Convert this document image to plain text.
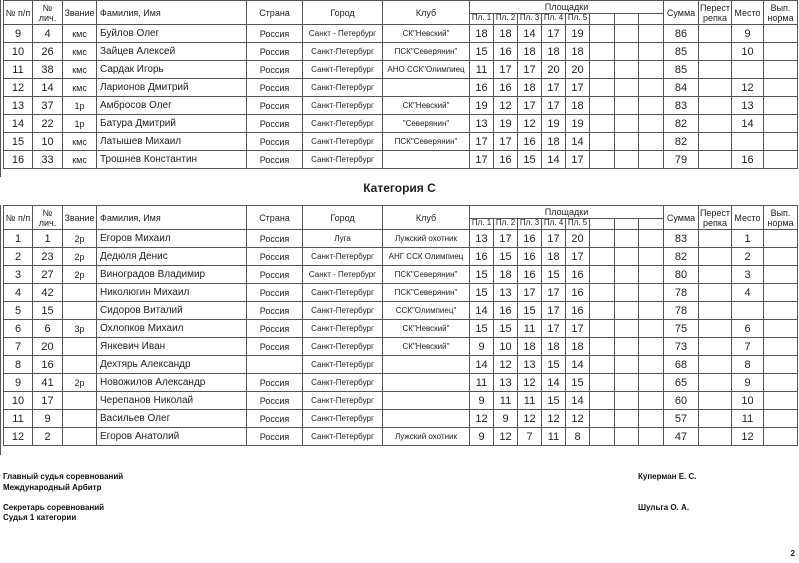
№ п/п	№ лич.	Звание	Фамилия, Имя	Страна	Город	Клуб	Площадки								Сумма	Перест репка	Место	Вып. норма
							Пл. 1	Пл. 2	Пл. 3	Пл. 4	Пл. 5							
9	4	кмс	Буйлов Олег	Россия	Санкт - Петербург	СК"Невский"	18	18	14	17	19				86		9	
10	26	кмс	Зайцев Алексей	Россия	Санкт-Петербург	ПСК"Северянин"	15	16	18	18	18				85		10	
11	38	кмс	Сардак Игорь	Россия	Санкт-Петербург	АНО ССК"Олимпиец	11	17	17	20	20				85			
12	14	кмс	Ларионов Дмитрий	Россия	Санкт-Петербург		16	16	18	17	17				84		12	
13	37	1р	Амбросов Олег	Россия	Санкт-Петербург	СК"Невский"	19	12	17	17	18				83		13	
14	22	1р	Батура Дмитрий	Россия	Санкт-Петербург	"Северянин"	13	19	12	19	19				82		14	
15	10	кмс	Латышев Михаил	Россия	Санкт-Петербург	ПСК"Северянин"	17	17	16	18	14				82			
16	33	кмс	Трошнев Константин	Россия	Санкт-Петербург		17	16	15	14	17				79		16	
Категория С
№ п/п	№ лич.	Звание	Фамилия, Имя	Страна	Город	Клуб	Площадки								Сумма	Перест репка	Место	Вып. норма
							Пл. 1	Пл. 2	Пл. 3	Пл. 4	Пл. 5							
1	1	2р	Егоров Михаил	Россия	Луга	Лужский охотник	13	17	16	17	20				83		1	
2	23	2р	Дедюля Денис	Россия	Санкт-Петербург	АНГ ССК Олимпиец	16	15	16	18	17				82		2	
3	27	2р	Виноградов Владимир	Россия	Санкт - Петербург	ПСК"Северянин"	15	18	16	15	16				80		3	
4	42		Николюгин Михаил	Россия	Санкт-Петербург	ПСК"Северянин"	15	13	17	17	16				78		4	
5	15		Сидоров Виталий	Россия	Санкт-Петербург	ССК"Олимпиец"	14	16	15	17	16				78			
6	6	3р	Охлопков Михаил	Россия	Санкт-Петербург	СК"Невский"	15	15	11	17	17				75		6	
7	20		Янкевич Иван	Россия	Санкт-Петербург	СК"Невский"	9	10	18	18	18				73		7	
8	16		Дехтярь Александр		Санкт-Петербург		14	12	13	15	14				68		8	
9	41	2р	Новожилов Александр	Россия	Санкт-Петербург		11	13	12	14	15				65		9	
10	17		Черепанов Николай	Россия	Санкт-Петербург		9	11	11	15	14				60		10	
11	9		Васильев Олег	Россия	Санкт-Петербург		12	9	12	12	12				57		11	
12	2		Егоров Анатолий	Россия	Санкт-Петербург	Лужский охотник	9	12	7	11	8				47		12	
Главный судья соревнований
Международный Арбитр
Куперман Е. С.
Секретарь соревнований
Судья 1 категории
Шульга О. А.
2
